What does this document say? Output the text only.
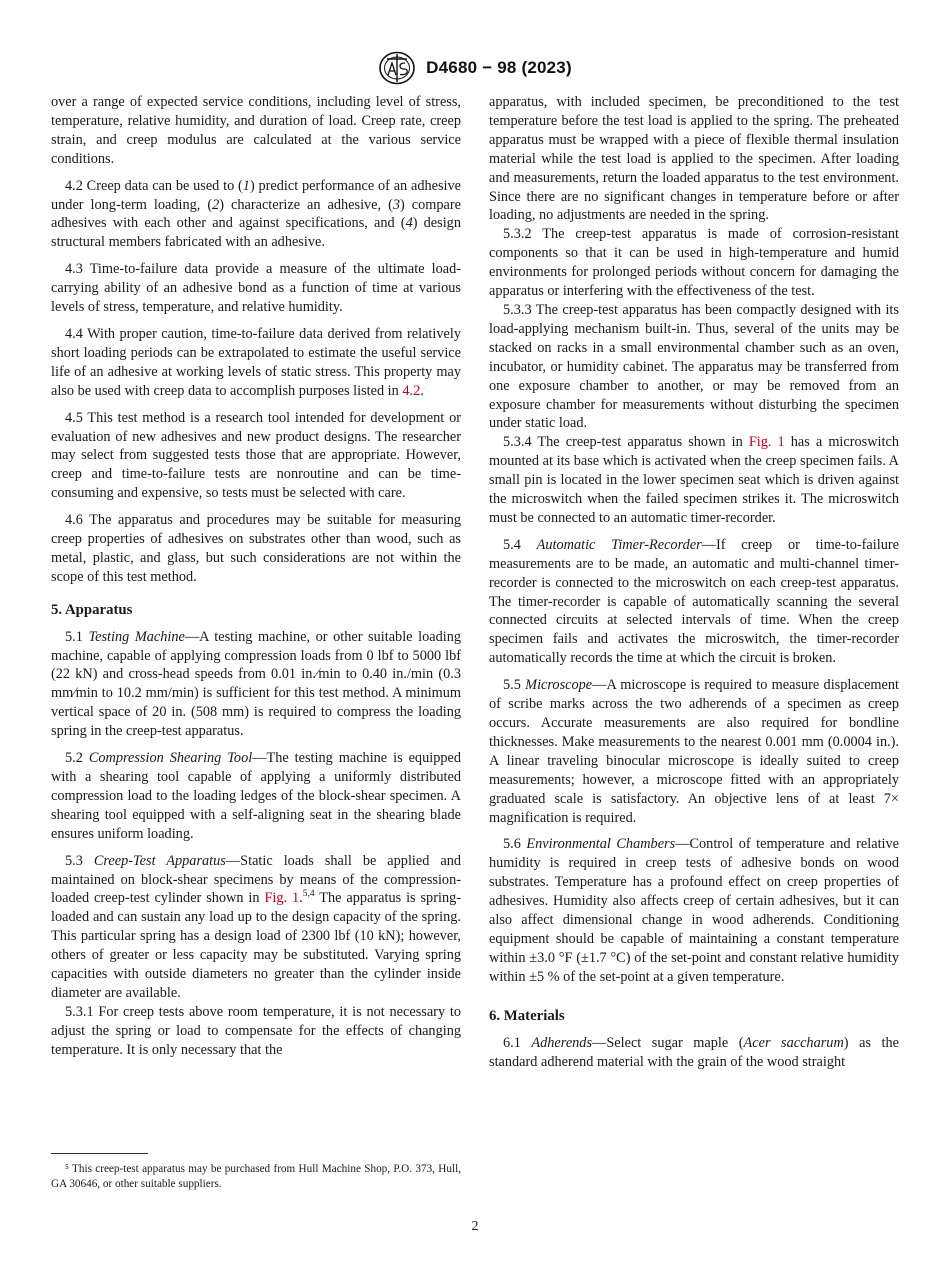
D4680 − 98 (2023)

over a range of expected service conditions, including level of stress, temperature, relative humidity, and duration of load. Creep rate, creep strain, and creep modulus are calculated at the various service conditions.

4.2 Creep data can be used to (1) predict performance of an adhesive under long-term loading, (2) characterize an adhesive, (3) compare adhesives with each other and against specifications, and (4) design structural members fabricated with an adhesive.

4.3 Time-to-failure data provide a measure of the ultimate load-carrying ability of an adhesive bond as a function of time at various levels of stress, temperature, and relative humidity.

4.4 With proper caution, time-to-failure data derived from relatively short loading periods can be extrapolated to estimate the useful service life of an adhesive at working levels of static stress. This property may also be used with creep data to accomplish purposes listed in 4.2.

4.5 This test method is a research tool intended for development or evaluation of new adhesives and new product designs. The researcher may select from suggested tests those that are appropriate. However, creep and time-to-failure tests are nonroutine and can be time-consuming and expensive, so tests must be selected with care.

4.6 The apparatus and procedures may be suitable for measuring creep properties of adhesives on substrates other than wood, such as metal, plastic, and glass, but such considerations are not within the scope of this test method.

5. Apparatus

5.1 Testing Machine—A testing machine, or other suitable loading machine, capable of applying compression loads from 0 lbf to 5000 lbf (22 kN) and cross-head speeds from 0.01 in.⁄min to 0.40 in./min (0.3 mm⁄min to 10.2 mm/min) is sufficient for this test method. A minimum vertical space of 20 in. (508 mm) is required to compress the loading spring in the creep-test apparatus.

5.2 Compression Shearing Tool—The testing machine is equipped with a shearing tool capable of applying a uniformly distributed compression load to the loading ledges of the block-shear specimen. A shearing tool equipped with a self-aligning seat in the shearing blade ensures uniform loading.

5.3 Creep-Test Apparatus—Static loads shall be applied and maintained on block-shear specimens by means of the compression-loaded creep-test cylinder shown in Fig. 1.$^{5,4}$ The apparatus is spring-loaded and can sustain any load up to the design capacity of the spring. This particular spring has a design load of 2300 lbf (10 kN); however, others of greater or less capacity may be substituted. Varying spring capacities with outside diameters no greater than the cylinder inside diameter are available.

5.3.1 For creep tests above room temperature, it is not necessary to adjust the spring or load to compensate for the effects of changing temperature. It is only necessary that the

apparatus, with included specimen, be preconditioned to the test temperature before the test load is applied to the spring. The preheated apparatus must be wrapped with a piece of flexible thermal insulation material while the test load is applied to the specimen. After loading and measurements, return the loaded apparatus to the test environment. Since there are no significant changes in temperature before or after loading, no adjustments are needed in the spring.

5.3.2 The creep-test apparatus is made of corrosion-resistant components so that it can be used in high-temperature and humid environments for prolonged periods without concern for damaging the apparatus or interfering with the effectiveness of the test.

5.3.3 The creep-test apparatus has been compactly designed with its load-applying mechanism built-in. Thus, several of the units may be stacked on racks in a small environmental chamber such as an oven, incubator, or humidity cabinet. The apparatus may be transferred from one exposure chamber to another, or may be removed from an exposure chamber for measurements without disturbing the specimen under static load.

5.3.4 The creep-test apparatus shown in Fig. 1 has a microswitch mounted at its base which is activated when the creep specimen fails. A small pin is located in the lower specimen seat which is driven against the microswitch when the failed specimen strikes it. The microswitch must be connected to an automatic timer-recorder.

5.4 Automatic Timer-Recorder—If creep or time-to-failure measurements are to be made, an automatic and multi-channel timer-recorder is connected to the microswitch on each creep-test apparatus. The timer-recorder is capable of automatically scanning the several connected circuits at selected intervals of time. When the creep specimen fails and activates the microswitch, the timer-recorder automatically records the time at which the circuit is broken.

5.5 Microscope—A microscope is required to measure displacement of scribe marks across the two adherends of a specimen as creep occurs. Accurate measurements are also required for bondline thicknesses. Make measurements to the nearest 0.001 mm (0.0004 in.). A linear traveling binocular microscope is ideally suited to creep measurements; however, a microscope fitted with an appropriately graduated scale is satisfactory. An objective lens of at least 7× magnification is required.

5.6 Environmental Chambers—Control of temperature and relative humidity is required in creep tests of adhesive bonds on wood substrates. Temperature has a profound effect on creep properties of adhesives. Humidity also affects creep of certain adhesives, but it can also affect dimensional change in wood adherends. Conditioning equipment should be capable of maintaining a constant temperature within ±3.0 °F (±1.7 °C) of the set-point and constant relative humidity within ±5 % of the set-point at a given temperature.

6. Materials

6.1 Adherends—Select sugar maple (Acer saccharum) as the standard adherend material with the grain of the wood straight

⁵ This creep-test apparatus may be purchased from Hull Machine Shop, P.O. 373, Hull, GA 30646, or other suitable suppliers.

2
